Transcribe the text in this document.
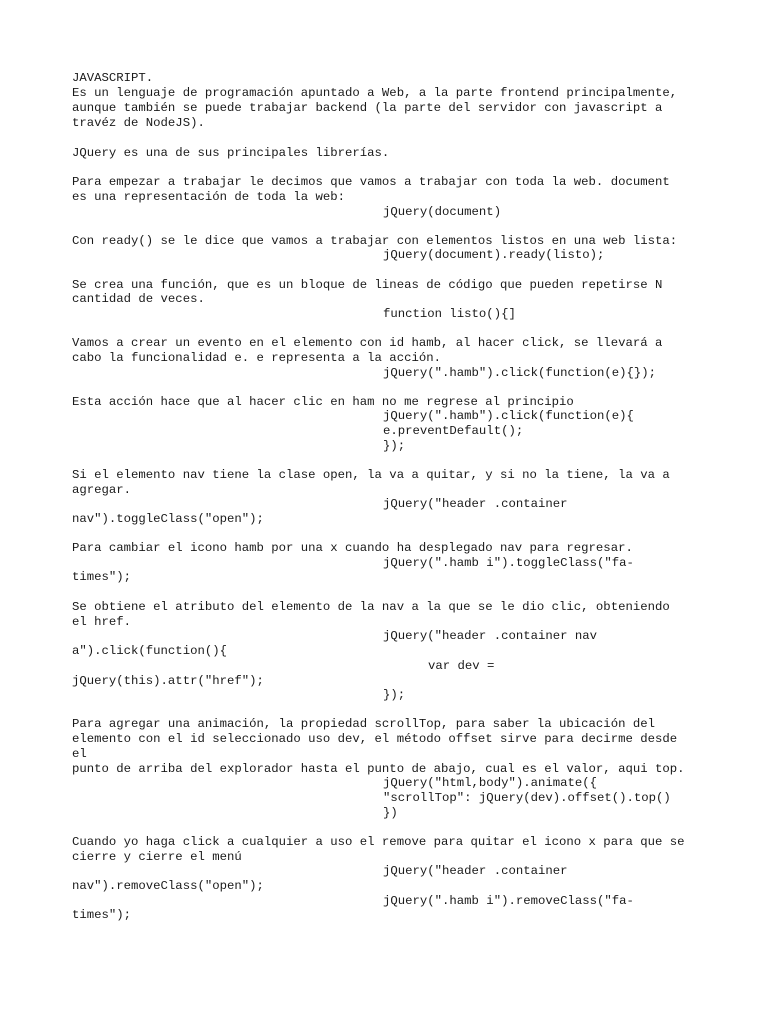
JAVASCRIPT.

Es un lenguaje de programación apuntado a Web, a la parte frontend principalmente,

aunque también se puede trabajar backend (la parte del servidor con javascript a

travéz de NodeJS).

JQuery es una de sus principales librerías.

Para empezar a trabajar le decimos que vamos a trabajar con toda la web. document

es una representación de toda la web:

jQuery(document)

Con ready() se le dice que vamos a trabajar con elementos listos en una web lista:

jQuery(document).ready(listo);

Se crea una función, que es un bloque de lineas de código que pueden repetirse N

cantidad de veces.

function listo(){]

Vamos a crear un evento en el elemento con id hamb, al hacer click, se llevará a

cabo la funcionalidad e. e representa a la acción.

jQuery(".hamb").click(function(e){});

Esta acción hace que al hacer clic en ham no me regrese al principio

jQuery(".hamb").click(function(e){

e.preventDefault();

});

Si el elemento nav tiene la clase open, la va a quitar, y si no la tiene, la va a

agregar.

jQuery("header .container

nav").toggleClass("open");

Para cambiar el icono hamb por una x cuando ha desplegado nav para regresar.

jQuery(".hamb i").toggleClass("fa-

times");

Se obtiene el atributo del elemento de la nav a la que se le dio clic, obteniendo

el href.

jQuery("header .container nav

a").click(function(){

var dev =

jQuery(this).attr("href");

});

Para agregar una animación, la propiedad scrollTop, para saber la ubicación del

elemento con el id seleccionado uso dev, el método offset sirve para decirme desde

el

punto de arriba del explorador hasta el punto de abajo, cual es el valor, aqui top.

jQuery("html,body").animate({

"scrollTop": jQuery(dev).offset().top()

})

Cuando yo haga click a cualquier a uso el remove para quitar el icono x para que se

cierre y cierre el menú

jQuery("header .container

nav").removeClass("open");

jQuery(".hamb i").removeClass("fa-

times");
